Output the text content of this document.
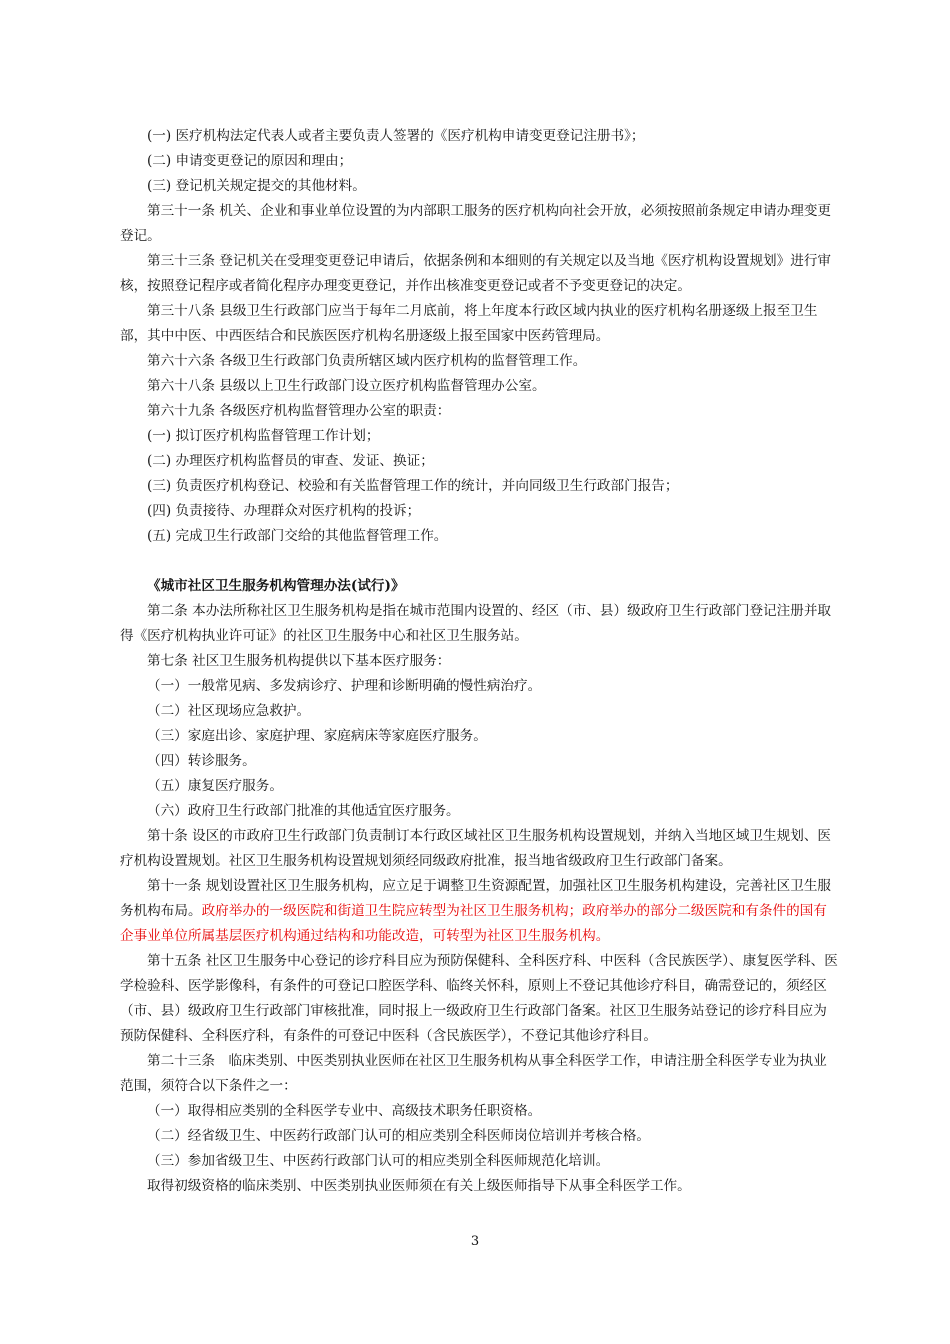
(一) 医疗机构法定代表人或者主要负责人签署的《医疗机构申请变更登记注册书》；

(二) 申请变更登记的原因和理由；

(三) 登记机关规定提交的其他材料。

第三十一条 机关、企业和事业单位设置的为内部职工服务的医疗机构向社会开放，必须按照前条规定申请办理变更登记。

第三十三条 登记机关在受理变更登记申请后，依据条例和本细则的有关规定以及当地《医疗机构设置规划》进行审核，按照登记程序或者简化程序办理变更登记，并作出核准变更登记或者不予变更登记的决定。

第三十八条 县级卫生行政部门应当于每年二月底前，将上年度本行政区域内执业的医疗机构名册逐级上报至卫生部，其中中医、中西医结合和民族医医疗机构名册逐级上报至国家中医药管理局。

第六十六条 各级卫生行政部门负责所辖区域内医疗机构的监督管理工作。

第六十八条 县级以上卫生行政部门设立医疗机构监督管理办公室。

第六十九条 各级医疗机构监督管理办公室的职责：

(一) 拟订医疗机构监督管理工作计划；

(二) 办理医疗机构监督员的审查、发证、换证；

(三) 负责医疗机构登记、校验和有关监督管理工作的统计，并向同级卫生行政部门报告；

(四) 负责接待、办理群众对医疗机构的投诉；

(五) 完成卫生行政部门交给的其他监督管理工作。

《城市社区卫生服务机构管理办法(试行)》

第二条 本办法所称社区卫生服务机构是指在城市范围内设置的、经区（市、县）级政府卫生行政部门登记注册并取得《医疗机构执业许可证》的社区卫生服务中心和社区卫生服务站。

第七条 社区卫生服务机构提供以下基本医疗服务：

（一）一般常见病、多发病诊疗、护理和诊断明确的慢性病治疗。

（二）社区现场应急救护。

（三）家庭出诊、家庭护理、家庭病床等家庭医疗服务。

（四）转诊服务。

（五）康复医疗服务。

（六）政府卫生行政部门批准的其他适宜医疗服务。

第十条 设区的市政府卫生行政部门负责制订本行政区域社区卫生服务机构设置规划，并纳入当地区域卫生规划、医疗机构设置规划。社区卫生服务机构设置规划须经同级政府批准，报当地省级政府卫生行政部门备案。

第十一条 规划设置社区卫生服务机构，应立足于调整卫生资源配置，加强社区卫生服务机构建设，完善社区卫生服务机构布局。政府举办的一级医院和街道卫生院应转型为社区卫生服务机构；政府举办的部分二级医院和有条件的国有企事业单位所属基层医疗机构通过结构和功能改造，可转型为社区卫生服务机构。

第十五条 社区卫生服务中心登记的诊疗科目应为预防保健科、全科医疗科、中医科（含民族医学）、康复医学科、医学检验科、医学影像科，有条件的可登记口腔医学科、临终关怀科，原则上不登记其他诊疗科目，确需登记的，须经区（市、县）级政府卫生行政部门审核批准，同时报上一级政府卫生行政部门备案。社区卫生服务站登记的诊疗科目应为预防保健科、全科医疗科，有条件的可登记中医科（含民族医学），不登记其他诊疗科目。

第二十三条　临床类别、中医类别执业医师在社区卫生服务机构从事全科医学工作，申请注册全科医学专业为执业范围，须符合以下条件之一：

（一）取得相应类别的全科医学专业中、高级技术职务任职资格。

（二）经省级卫生、中医药行政部门认可的相应类别全科医师岗位培训并考核合格。

（三）参加省级卫生、中医药行政部门认可的相应类别全科医师规范化培训。

取得初级资格的临床类别、中医类别执业医师须在有关上级医师指导下从事全科医学工作。

3
